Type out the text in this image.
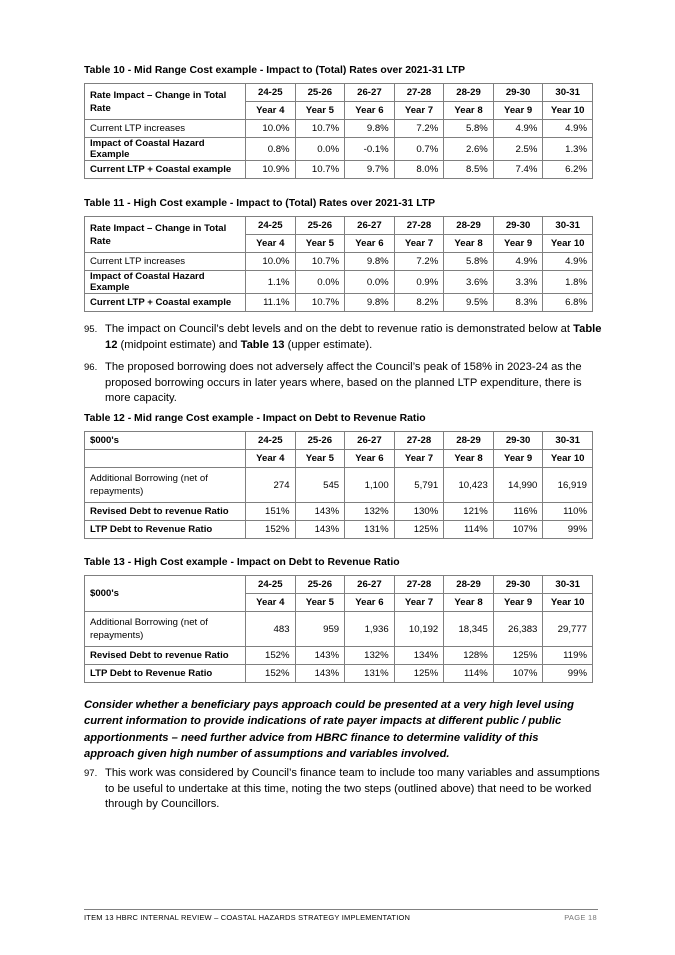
Table 10 - Mid Range Cost example - Impact to (Total) Rates over 2021-31 LTP
Rate Impact – Change in Total Rate	24-25	25-26	26-27	27-28	28-29	29-30	30-31
	Year 4	Year 5	Year 6	Year 7	Year 8	Year 9	Year 10
Current LTP increases	10.0%	10.7%	9.8%	7.2%	5.8%	4.9%	4.9%
Impact of Coastal Hazard Example	0.8%	0.0%	-0.1%	0.7%	2.6%	2.5%	1.3%
Current LTP + Coastal example	10.9%	10.7%	9.7%	8.0%	8.5%	7.4%	6.2%
Table 11 - High Cost example - Impact to (Total) Rates over 2021-31 LTP
Rate Impact – Change in Total Rate	24-25	25-26	26-27	27-28	28-29	29-30	30-31
	Year 4	Year 5	Year 6	Year 7	Year 8	Year 9	Year 10
Current LTP increases	10.0%	10.7%	9.8%	7.2%	5.8%	4.9%	4.9%
Impact of Coastal Hazard Example	1.1%	0.0%	0.0%	0.9%	3.6%	3.3%	1.8%
Current LTP + Coastal example	11.1%	10.7%	9.8%	8.2%	9.5%	8.3%	6.8%
95. The impact on Council’s debt levels and on the debt to revenue ratio is demonstrated below at Table 12 (midpoint estimate) and Table 13 (upper estimate).
96. The proposed borrowing does not adversely affect the Council’s peak of 158% in 2023-24 as the proposed borrowing occurs in later years where, based on the planned LTP expenditure, there is more capacity.
Table 12 - Mid range Cost example - Impact on Debt to Revenue Ratio
$000's	24-25	25-26	26-27	27-28	28-29	29-30	30-31
	Year 4	Year 5	Year 6	Year 7	Year 8	Year 9	Year 10
Additional Borrowing (net of repayments)	274	545	1,100	5,791	10,423	14,990	16,919
Revised Debt to revenue Ratio	151%	143%	132%	130%	121%	116%	110%
LTP Debt to Revenue Ratio	152%	143%	131%	125%	114%	107%	99%
Table 13 - High Cost example - Impact on Debt to Revenue Ratio
$000's	24-25	25-26	26-27	27-28	28-29	29-30	30-31
	Year 4	Year 5	Year 6	Year 7	Year 8	Year 9	Year 10
Additional Borrowing (net of repayments)	483	959	1,936	10,192	18,345	26,383	29,777
Revised Debt to revenue Ratio	152%	143%	132%	134%	128%	125%	119%
LTP Debt to Revenue Ratio	152%	143%	131%	125%	114%	107%	99%
Consider whether a beneficiary pays approach could be presented at a very high level using current information to provide indications of rate payer impacts at different public / public apportionments – need further advice from HBRC finance to determine validity of this approach given high number of assumptions and variables involved.
97. This work was considered by Council’s finance team to include too many variables and assumptions to be useful to undertake at this time, noting the two steps (outlined above) that need to be worked through by Councillors.
ITEM 13 HBRC INTERNAL REVIEW – COASTAL HAZARDS STRATEGY IMPLEMENTATION	PAGE 18
